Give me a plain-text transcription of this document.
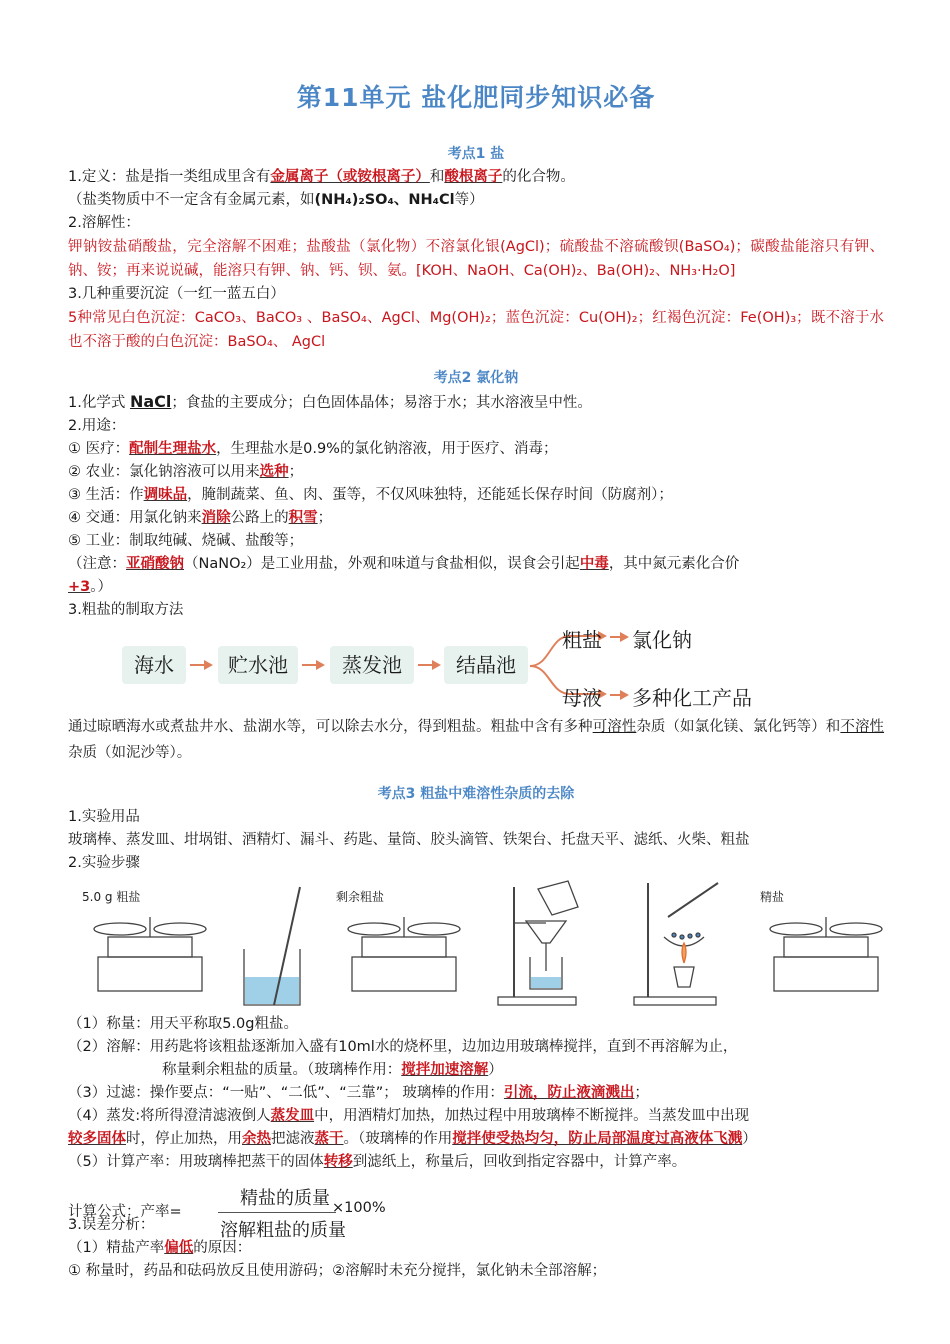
第11单元 盐化肥同步知识必备
考点1 盐
1.定义：盐是指一类组成里含有金属离子（或铵根离子）和酸根离子的化合物。
（盐类物质中不一定含有金属元素，如(NH₄)₂SO₄、NH₄Cl等）
2.溶解性：
钾钠铵盐硝酸盐，完全溶解不困难；盐酸盐（氯化物）不溶氯化银(AgCl)；硫酸盐不溶硫酸钡(BaSO₄)；碳酸盐能溶只有钾、钠、铵；再来说说碱，能溶只有钾、钠、钙、钡、氨。[KOH、NaOH、Ca(OH)₂、Ba(OH)₂、NH₃·H₂O]
3.几种重要沉淀（一红一蓝五白）
5种常见白色沉淀：CaCO₃、BaCO₃ 、BaSO₄、AgCl、Mg(OH)₂；蓝色沉淀：Cu(OH)₂；红褐色沉淀：Fe(OH)₃；既不溶于水也不溶于酸的白色沉淀：BaSO₄、 AgCl
考点2 氯化钠
1.化学式 NaCl；食盐的主要成分；白色固体晶体；易溶于水；其水溶液呈中性。
2.用途：
① 医疗：配制生理盐水，生理盐水是0.9%的氯化钠溶液，用于医疗、消毒；
② 农业：氯化钠溶液可以用来选种；
③ 生活：作调味品，腌制蔬菜、鱼、肉、蛋等，不仅风味独特，还能延长保存时间（防腐剂）；
④ 交通：用氯化钠来消除公路上的积雪；
⑤ 工业：制取纯碱、烧碱、盐酸等；
（注意：亚硝酸钠（NaNO₂）是工业用盐，外观和味道与食盐相似，误食会引起中毒，其中氮元素化合价
+3。）
3.粗盐的制取方法
海水	贮水池	蒸发池	结晶池
粗盐 氯化钠
母液 多种化工产品
通过晾晒海水或煮盐井水、盐湖水等，可以除去水分，得到粗盐。粗盐中含有多种可溶性杂质（如氯化镁、氯化钙等）和不溶性杂质（如泥沙等）。
考点3 粗盐中难溶性杂质的去除
1.实验用品
玻璃棒、蒸发皿、坩埚钳、酒精灯、漏斗、药匙、量筒、胶头滴管、铁架台、托盘天平、滤纸、火柴、粗盐
2.实验步骤
5.0 g 粗盐	剩余粗盐	精盐
（1）称量：用天平称取5.0g粗盐。
（2）溶解：用药匙将该粗盐逐渐加入盛有10ml水的烧杯里，边加边用玻璃棒搅拌，直到不再溶解为止，
称量剩余粗盐的质量。（玻璃棒作用：搅拌加速溶解）
（3）过滤：操作要点：“一贴”、“二低”、“三靠”； 玻璃棒的作用：引流，防止液滴溅出；
（4）蒸发:将所得澄清滤液倒人蒸发皿中，用酒精灯加热，加热过程中用玻璃棒不断搅拌。当蒸发皿中出现
较多固体时，停止加热，用余热把滤液蒸干。（玻璃棒的作用搅拌使受热均匀，防止局部温度过高液体飞溅）
（5）计算产率：用玻璃棒把蒸干的固体转移到滤纸上，称量后，回收到指定容器中，计算产率。
计算公式：产率=
精盐的质量 ×100%
溶解粗盐的质量
3.误差分析：
（1）精盐产率偏低的原因：
① 称量时，药品和砝码放反且使用游码；②溶解时未充分搅拌，氯化钠未全部溶解；
